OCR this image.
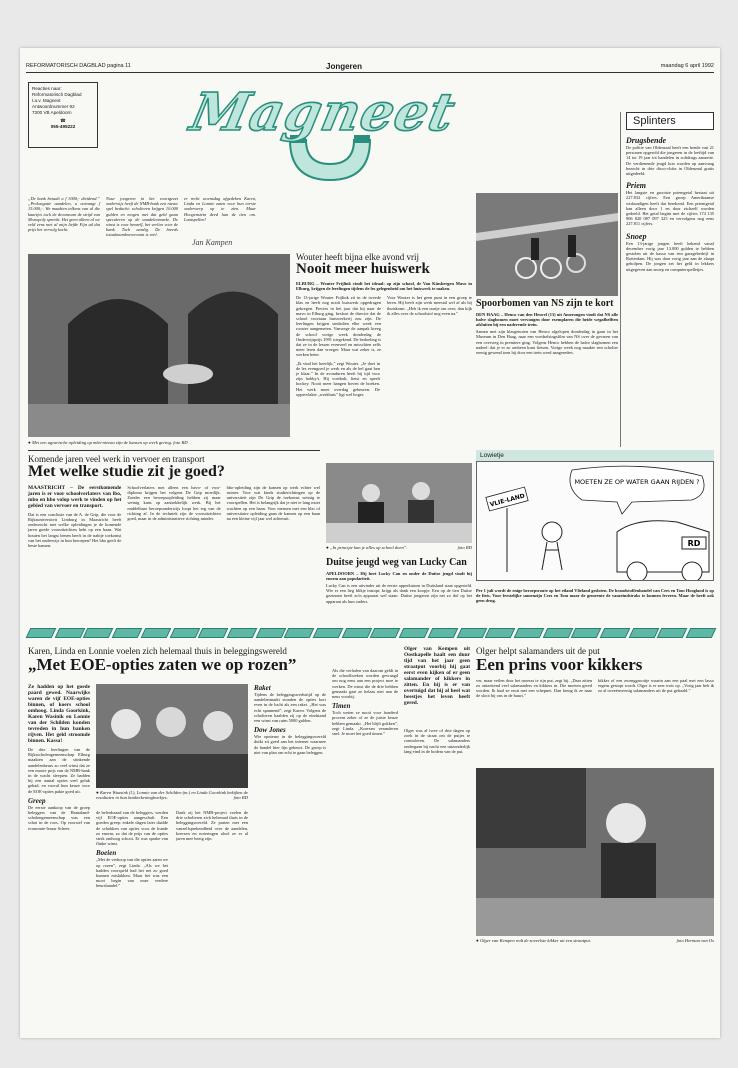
REFORMATORISCH DAGBLAD pagina 11	Jongeren	maandag 6 april 1992
Reacties naar:
Reformatorisch Dagblad
t.a.v. Magnext
Antwoordnummer 92
7300 VB Apeldoorn
☎
055-495222	Magneet	Splinters
Drugsbende
De politie van Oldenzaal heeft een bende van 21 personen opgerold die jongeren in de leeftijd van 14 tot 19 jaar tot handelen in softdrugs aanzette. De verdienende jeugd kon worden op aanvraag bezocht in drie disco-clubs in Oldenzaal gratis uitgedeeld.
Priem
Het langste en grootste priemgetal bestaat uit 227.832 cijfers. Een groep Amerikaanse wiskundigen heeft dat berekend. Een priemgetal kan alleen door 1 en door zichzelf worden gedeeld. Het getal begint met de cijfers 174 135 906 820 087 097 325 en vervolgens nog eens 227.811 cijfers.
Snoep
Een 13-jarige jongen heeft bekend vanaf december vorig jaar 13.000 gulden te hebben gestolen uit de kassa van een garagebedrijf in Rotterdam. Hij was daar vorig jaar aan de slaapt geholpen. De jongen zet het geld in lekkers uitgegeven aan snoep en computerspelletjes.
„De bank betaalt u f 3000,- dividend.” „Prolongatie aandelen, u ontvangt f 15.000,-. We maakten telkens van al die kaartjes toch de droomsom de strijd van Monopoly spreekt. Het geen alleen al we veld eens met al mijn liefde Fijn ad dat prijs het vervolg kocht.
Nour jongeren in het voortgezet onderwijs heeft de NMB-bank een nieuw spel bedacht: scholieren krijgen 10.000 gulden en mogen met dat geld gaan speculeren op de aandelenmarkt. De winst is voor henzelf, het verlies voor de bank. Toch aardig. De breeds totaalmamboewroomt is veel.
er recht woensdag afgedeken Karen, Linda en Lonnie zaten voor hun eerste onderwerp op te zien. Maar Hoogenstein deed hun de tien om. Laatspellen!
Jan Kampen
● Met een agrarische opleiding op mbo-niveau zijn de kansen op werk gering. foto RD
Wouter heeft bijna elke avond vrij
Nooit meer huiswerk
ELBURG – Wouter Frijlink vindt het ideaal: op zijn school, de Van Kinsbergen Mavo in Elburg, krijgen de leerlingen tijdens de les gelegenheid om het huiswerk te maken.
De 13-jarige Wouter Frijlink zit in de tweede klas en heeft nog nooit huiswerk opgedragen gekregen. Precies in het jaar dat hij naar de mavo in Elburg ging, besloot de directie dat de school voortaan huiswerkvrij zou zijn. De leerlingen krijgen sindsdien elke week een rooster aangemeten. Vanwege de aanpak kreeg de school vorige week donderdag de Onderwijsprijs 1991 toegekend. De bedoeling is dat ze in de lessen evenveel en misschien zelfs meer leren dan vroeger. Maar wat zeker is, ze werken beter.
Voor Wouter is het geen punt in een groep te leren. Hij heeft zijn werk meestal wel af als hij thuiskomt. „Heb ik een uurtje om over, dan kijk ik alles over de schoolstof nog even na.”
„Ik vind het heerlijk,” zegt Wouter. „Je doet in de les evengoed je werk en als de bel gaat ben je klaar.” In de avonduren heeft hij tijd voor zijn hobby's. Hij voetbalt, fietst en speelt hockey. Nooit meer hangen boven de boeken. Het werk moet overdag gebeuren. De oppervlakte „werkhuis” ligt wel hoger.
Spoorbomen van NS zijn te kort
DEN HAAG – Henco van den Heuvel (13) uit Amerongen vindt dat NS alle halve slagbomen moet vervangen door exemplaren die heide wegafhelften afsluiten bij een naderende trein.
Samen met zijn klasgenoten van Henco afgelopen donderdag in gaan in het Museum in Den Haag, naar een voedselsingsfilm van NS over de gevaren van een overweg in premiere ging. Volgens Henco hebben de halve slagbomen een nadeel: dat je er zo omheen kunt fietsen. Vorige week nog maakte een scholier erenig gewend toen hij door een trein werd aangereden.
Komende jaren veel werk in vervoer en transport
Met welke studie zit je goed?
MAASTRICHT – De eerstkomende jaren is er voor schoolverlaters van lbo, mbo en hbo volop werk te vinden op het gebied van vervoer en transport.
Dat is een conclusie van de A. de Grip, die voor de Rijksuniversiteit Limburg in Maastricht heeft onderzocht met welke opleidingen je de komende jaren goede vooruitzichten hebt op een baan. Wat houten het langst benen heeft in de nabije toekomst van het onderwijs in hun beroepen? Het hbo geeft de beste kansen.
Schoolverlaters met alleen een havo- of vwo-diploma krijgen het volgens De Grip moeilijk. Zonder een beroepsopleiding hebben zij maar weinig kans op aantrekkelijk werk. Bij het middelbaar beroepsonderwijs loopt het erg van de richting af. In de techniek zijn de vooruitzichten goed, maar in de administratieve richting minder.
hbo-opleiding zijn de kansen op werk echter wel ruimer. Voor wat kinds studierichtingen op de universiteit zijn De Grip de toekomst weinig te voorspellen. Het is belangrijk dat je niet te lang moet wachten op een baan. Voor mensen met een hbo of universitaire opleiding gaan de kansen op een baan na een kleine vijf jaar wel achteruit.
● „In principe kun je alles op school doen”.	foto RD
Duitse jeugd weg van Lucky Can
APELDOORN – Hij heet Lucky Can en onder de Duitse jeugd vindt hij enorm aan populariteit.
Lucky Can is een uitvinder uit de eerste apperkatoen in Duitsland staat opgesteld. Wie er een lieg blikje instopt, krijgt als dank een koopje. Een op de tien Duitse gezinnen heeft zo'n apparaat wel staan. Duitse jongeren zijn net zo dol op het apparaat als hun ouders.
Lowietje
MOETEN ZE OP WATER GAAN RIJDEN ?
VLIE-LAND
RD
Per 1 juli wordt de enige beroepsroute op het eiland Vlieland gesloten. De brandstoffenhandel van Cees en Tom Hoogland is op de fiets. Voor feestelijke samenzijn Cees en Tom maar de gemeente de vanzeindstraks te kunnen leveren. Maar de heeft ook geen drug.
Karen, Linda en Lonnie voelen zich helemaal thuis in beleggingswereld
„Met EOE-opties zaten we op rozen”
Ze hadden op het goede paard gewed. Naarwijks waren de vijf EOE-opties binnen, of koers school omhoog. Linda Goorkink, Karen Wasinik en Lonnie van der Schilden konden tevreden in hun banken rijven. Het geld stroomde binnen. Kassa!
De drie leerlingen van de Rijksscholengemeenschap Elburg maakten aan de stinkende aandelenbeurs zo veel winst dat ze een mooie prijs van de NMB-bank in de wacht sleepten. Ze hadden bij een aantal opties veel geluk gehad, en vooral hun keuze voor de EOE-opties pakte goed uit.
Greep
De eerste aankoop van de groep beleggers van de Hamaland-scholengemeenschap was een schot in de roos. Op voorstel van economie-leraar Scheer.
● Karen Waasink (l.), Lonnie van der Schilden (m.) en Linda Goorkink bekijken de resultaten in hun bankrekeningboekjes.	foto RD
de beleidsraad van de beleggers, werden vijf EOE-opties aangeschaft. Een goeden greep: enkele dagen later daalde de schokken van opties voor de kunde zo enorm, zo dat de prijs van de opties sterk omhoog schoot. Er was sprake van flinke winst.
Boeien
„Met de verkoop van die opties zaten we op rozen”, zegt Linda. „Als we het hadden voorspeld had het net zo goed kunnen mislukken. Maar het was een mooi begin van onze verdere beurshandel.”
Dank zij het NMB-project voelen de drie scholieren zich helemaal thuis in de beleggingswereld. Ze praten met een vanzelfsprekendheid over de aandelen, koersen en noteringen alsof ze er al jaren mee bezig zijn.
Raket
Tijdens de beleggingswedstrijd op de aandelenmarkt stonden de opties kort even in de lucht als een raket. „Het was echt spannend”, zegt Karen. Volgens de scholieren haalden zij op de eindstand een winst van ruim 5000 gulden.
Dow Jones
Wie opnieuw in de beleggingswereld duikt zit goed aan het internet waarmee de handel hier fijn gebeurt. De groep is niet van plan om echt te gaan beleggen.
Als die verhalen van daarom geldt in de schoolboeken worden gevraagd om nog eens aan een project mee te werken. De winst die de drie hebben gemaakt gaat ze helaas niet aan de neus voorbij.
Timen
Toch weten ze nooit voor honderd procent zeker of ze de juiste keuze hebben gemaakt. „Het blijft gokken”, zegt Linda. „Koersen veranderen snel. Je moet het goed timen.”
Olger van Kempen uit Oostkapelle haalt een duur tijd van het jaar geen straatput voorbij hij gaat eerst even kijken of er geen salamander of kikkers in zitten. En hij is er van overtuigd dat hij al heel wat beestjes het leven heeft gered.
Olger helpt salamanders uit de put
Een prins voor kikkers
ver, maar veilen door het moeras te rijn put, zegt hij. „Daar zitten zo ontzettend veel salamanders en kikkers in. Die moeten gered worden. Ik haal ze eruit met een schepnet. Dan breng ik ze naar de sloot bij ons in de buurt.”
kikker of een zwenggroottje waarin aan een paal met een lasso ergens gestopt wordt. Olger is er zeer trots op. „Vorig jaar heb ik zo al tweeënveertig salamanders uit de put gehaald.”
Olger was al twee of drie dagen op zoek in de straat om de putjes te controleren. De salamanders ondergaan bij nacht een uitzonderlijk lang eind in de bodem van de put.
● Olger van Kempen redt de zoveelste kikker uit een straatput.	foto Herman van Os
